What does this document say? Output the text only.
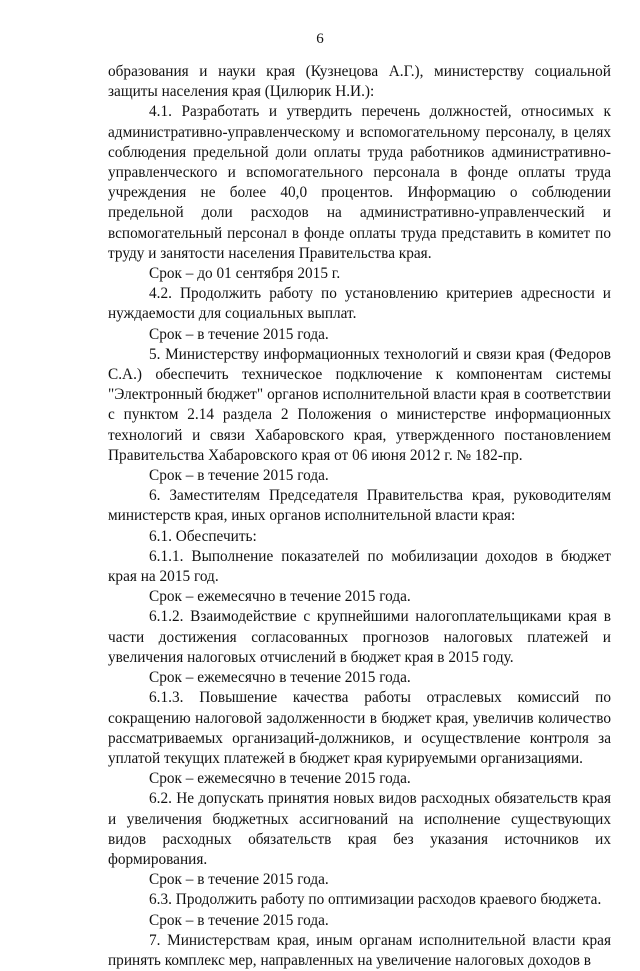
6

образования и науки края (Кузнецова А.Г.), министерству социальной защиты населения края (Цилюрик Н.И.):

4.1. Разработать и утвердить перечень должностей, относимых к административно-управленческому и вспомогательному персоналу, в целях соблюдения предельной доли оплаты труда работников административно-управленческого и вспомогательного персонала в фонде оплаты труда учреждения не более 40,0 процентов. Информацию о соблюдении предельной доли расходов на административно-управленческий и вспомогательный персонал в фонде оплаты труда представить в комитет по труду и занятости населения Правительства края.

Срок – до 01 сентября 2015 г.

4.2. Продолжить работу по установлению критериев адресности и нуждаемости для социальных выплат.

Срок – в течение 2015 года.

5. Министерству информационных технологий и связи края (Федоров С.А.) обеспечить техническое подключение к компонентам системы "Электронный бюджет" органов исполнительной власти края в соответствии с пунктом 2.14 раздела 2 Положения о министерстве информационных технологий и связи Хабаровского края, утвержденного постановлением Правительства Хабаровского края от 06 июня 2012 г. № 182-пр.

Срок – в течение 2015 года.

6. Заместителям Председателя Правительства края, руководителям министерств края, иных органов исполнительной власти края:

6.1. Обеспечить:

6.1.1. Выполнение показателей по мобилизации доходов в бюджет края на 2015 год.

Срок – ежемесячно в течение 2015 года.

6.1.2. Взаимодействие с крупнейшими налогоплательщиками края в части достижения согласованных прогнозов налоговых платежей и увеличения налоговых отчислений в бюджет края в 2015 году.

Срок – ежемесячно в течение 2015 года.

6.1.3. Повышение качества работы отраслевых комиссий по сокращению налоговой задолженности в бюджет края, увеличив количество рассматриваемых организаций-должников, и осуществление контроля за уплатой текущих платежей в бюджет края курируемыми организациями.

Срок – ежемесячно в течение 2015 года.

6.2. Не допускать принятия новых видов расходных обязательств края и увеличения бюджетных ассигнований на исполнение существующих видов расходных обязательств края без указания источников их формирования.

Срок – в течение 2015 года.

6.3. Продолжить работу по оптимизации расходов краевого бюджета.

Срок – в течение 2015 года.

7. Министерствам края, иным органам исполнительной власти края принять комплекс мер, направленных на увеличение налоговых доходов в
